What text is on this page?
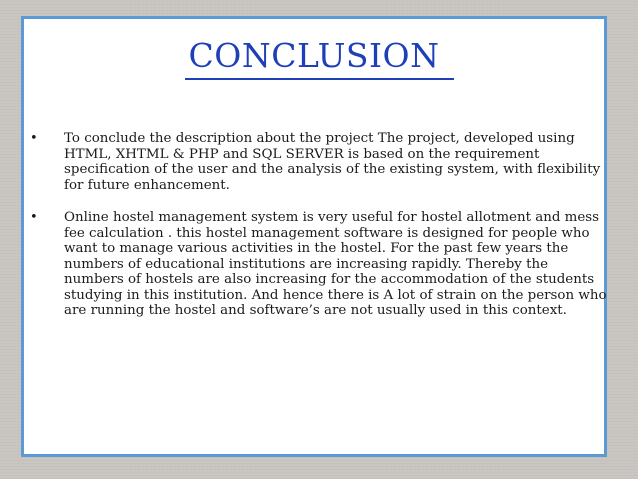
CONCLUSION
• To conclude the description about the project The project, developed using HTML, XHTML & PHP and SQL SERVER is based on the requirement specification of the user and the analysis of the existing system, with flexibility for future enhancement.
• Online hostel management system is very useful for hostel allotment and mess fee calculation . this hostel management software is designed for people who want to manage various activities in the hostel. For the past few years the numbers of educational institutions are increasing rapidly. Thereby the numbers of hostels are also increasing for the accommodation of the students studying in this institution. And hence there is A lot of strain on the person who are running the hostel and software’s are not usually used in this context.
